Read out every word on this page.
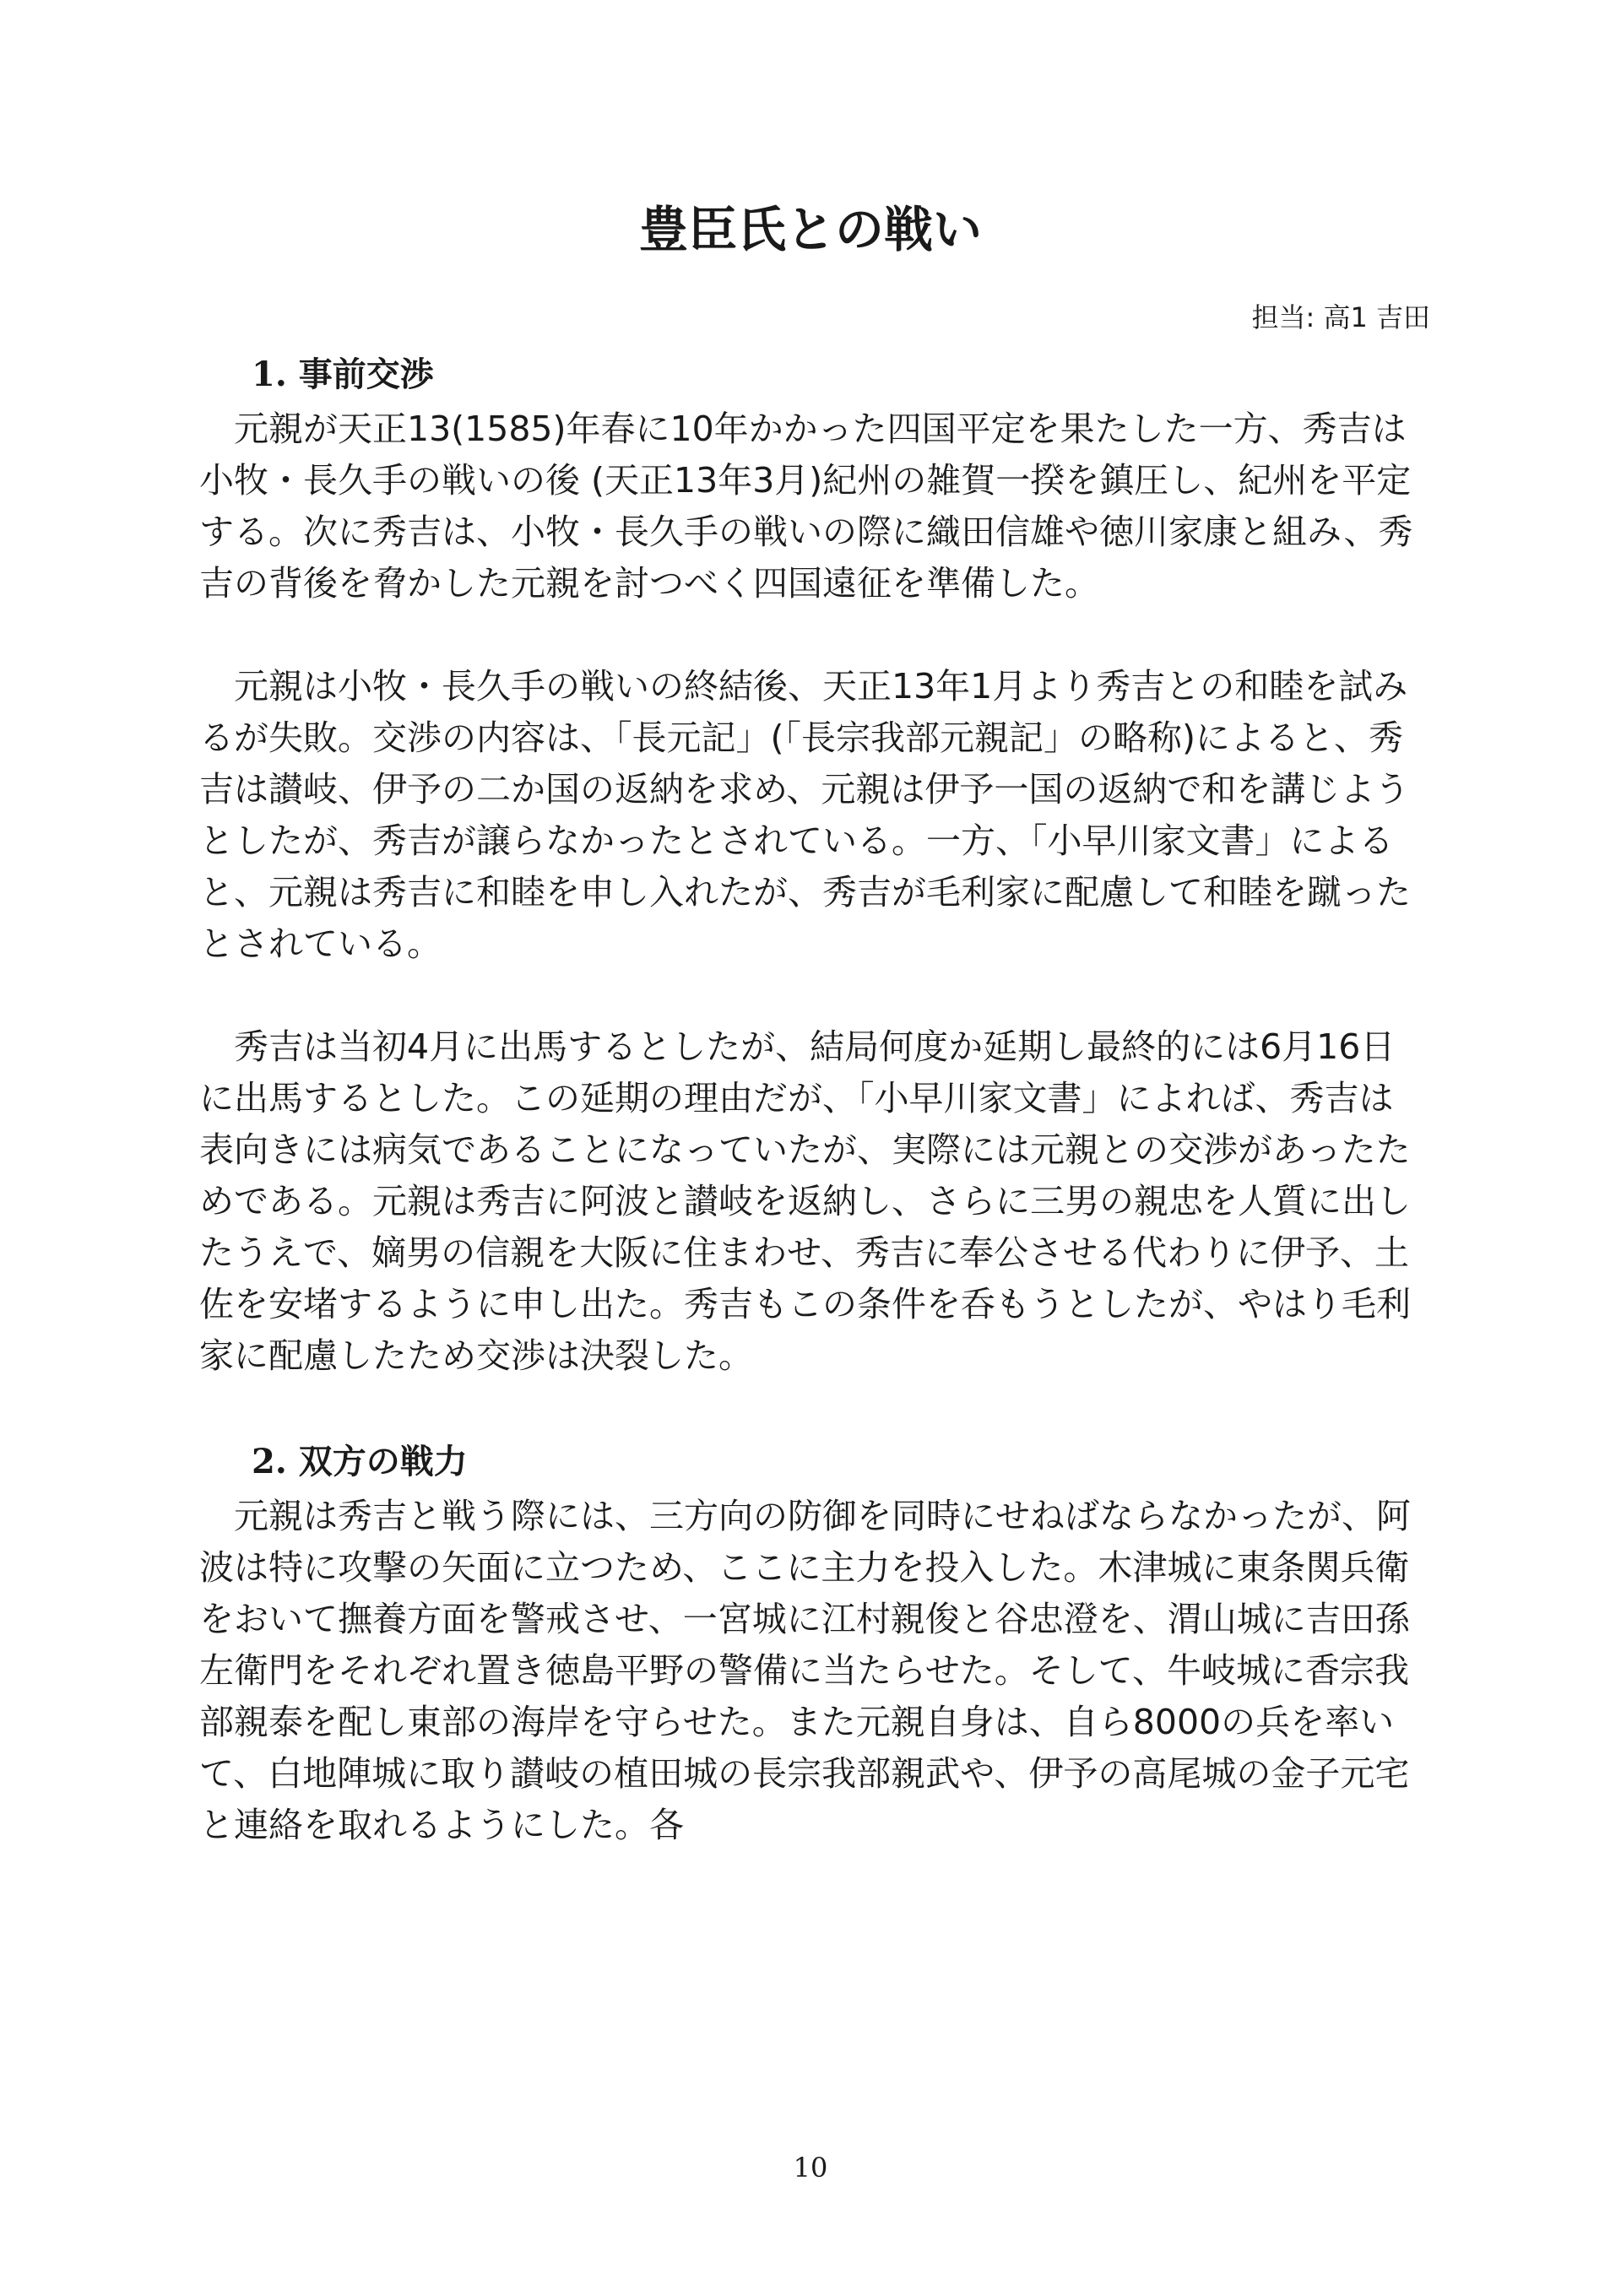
豊臣氏との戦い
担当: 高1 吉田
1. 事前交渉

元親が天正13(1585)年春に10年かかった四国平定を果たした一方、秀吉は小牧・長久手の戦いの後 (天正13年3月)紀州の雑賀一揆を鎮圧し、紀州を平定する。次に秀吉は、小牧・長久手の戦いの際に織田信雄や徳川家康と組み、秀吉の背後を脅かした元親を討つべく四国遠征を準備した。

元親は小牧・長久手の戦いの終結後、天正13年1月より秀吉との和睦を試みるが失敗。交渉の内容は、「長元記」(「長宗我部元親記」の略称)によると、秀吉は讃岐、伊予の二か国の返納を求め、元親は伊予一国の返納で和を講じようとしたが、秀吉が譲らなかったとされている。一方、「小早川家文書」によると、元親は秀吉に和睦を申し入れたが、秀吉が毛利家に配慮して和睦を蹴ったとされている。

秀吉は当初4月に出馬するとしたが、結局何度か延期し最終的には6月16日に出馬するとした。この延期の理由だが、「小早川家文書」によれば、秀吉は表向きには病気であることになっていたが、実際には元親との交渉があったためである。元親は秀吉に阿波と讃岐を返納し、さらに三男の親忠を人質に出したうえで、嫡男の信親を大阪に住まわせ、秀吉に奉公させる代わりに伊予、土佐を安堵するように申し出た。秀吉もこの条件を呑もうとしたが、やはり毛利家に配慮したため交渉は決裂した。

2. 双方の戦力

元親は秀吉と戦う際には、三方向の防御を同時にせねばならなかったが、阿波は特に攻撃の矢面に立つため、ここに主力を投入した。木津城に東条関兵衛をおいて撫養方面を警戒させ、一宮城に江村親俊と谷忠澄を、渭山城に吉田孫左衛門をそれぞれ置き徳島平野の警備に当たらせた。そして、牛岐城に香宗我部親泰を配し東部の海岸を守らせた。また元親自身は、自ら8000の兵を率いて、白地陣城に取り讃岐の植田城の長宗我部親武や、伊予の高尾城の金子元宅と連絡を取れるようにした。各

10
